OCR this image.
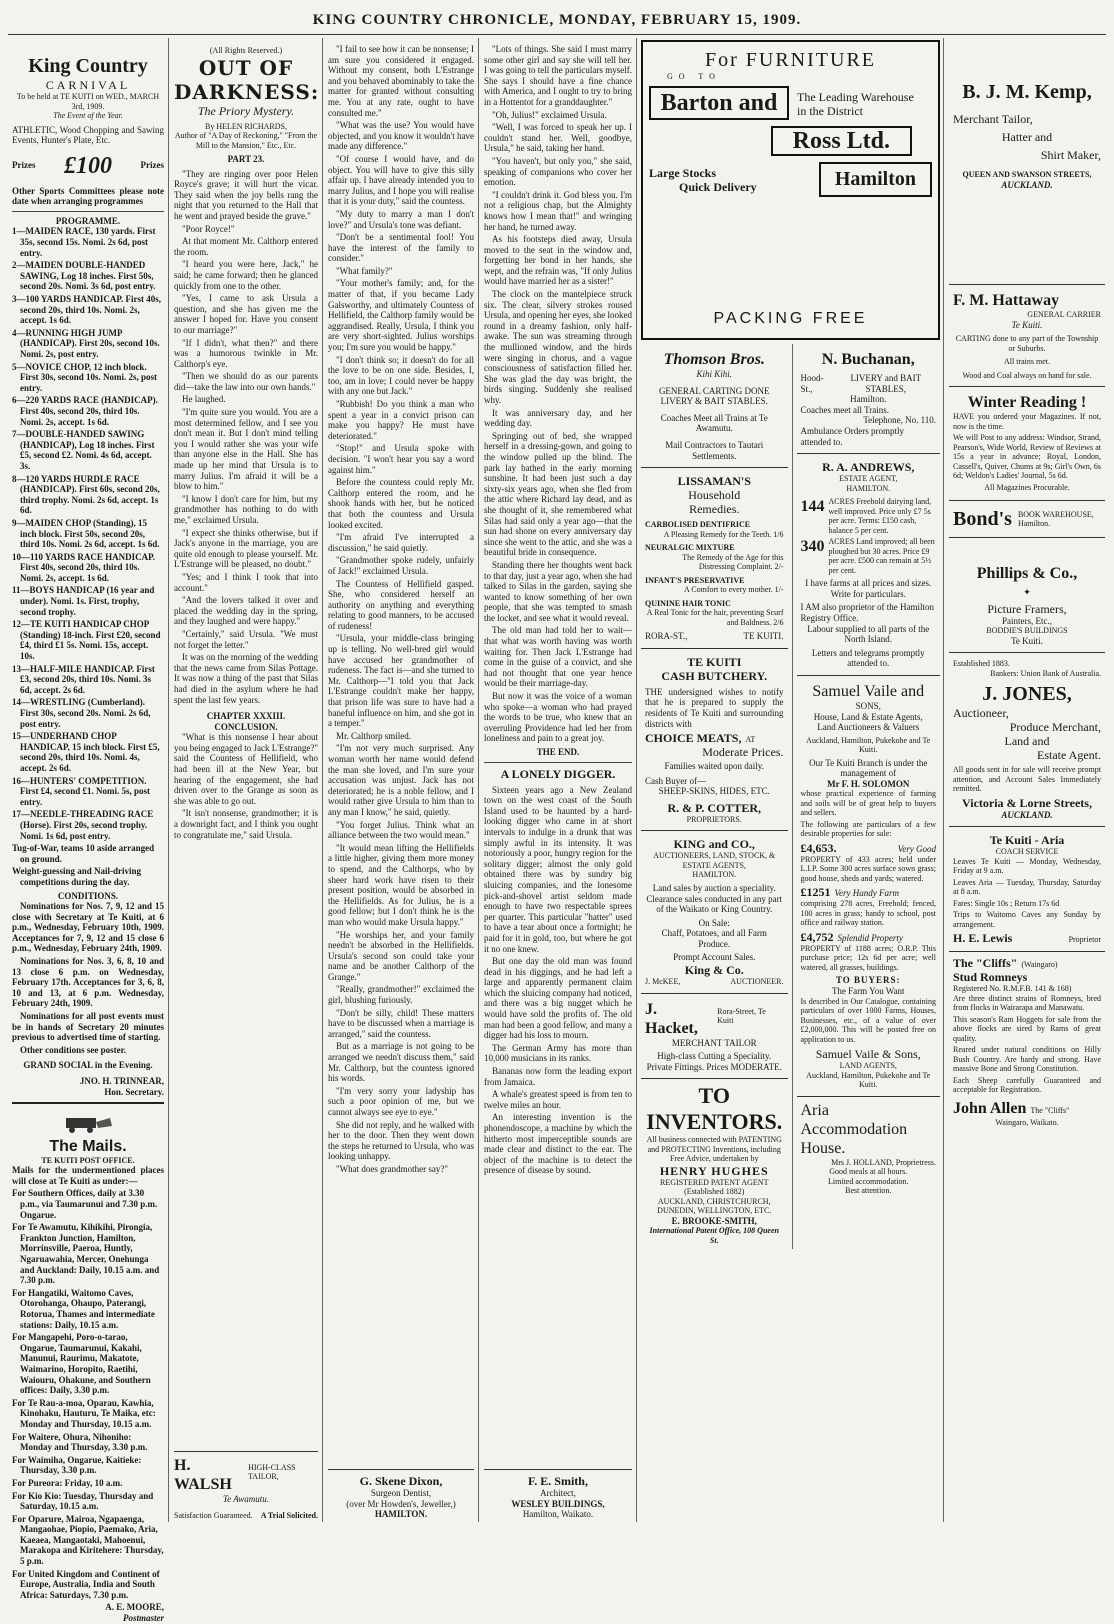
KING COUNTRY CHRONICLE, MONDAY, FEBRUARY 15, 1909.
King Country
CARNIVAL
To be held at TE KUITI on WED., MARCH 3rd, 1909.
The Event of the Year.

ATHLETIC, Wood Chopping and Sawing Events, Hunter's Plate, Etc.

Prizes £100	Prizes

Other Sports Committees please note date when arranging programmes

PROGRAMME.

1—MAIDEN RACE, 130 yards. First 35s, second 15s. Nomi. 2s 6d, post entry.

2—MAIDEN DOUBLE-HANDED SAWING, Log 18 inches. First 50s, second 20s. Nomi. 3s 6d, post entry.

3—100 YARDS HANDICAP. First 40s, second 20s, third 10s. Nomi. 2s, accept. 1s 6d.

4—RUNNING HIGH JUMP (HANDICAP). First 20s, second 10s. Nomi. 2s, post entry.

5—NOVICE CHOP, 12 inch block. First 30s, second 10s. Nomi. 2s, post entry.

6—220 YARDS RACE (HANDICAP). First 40s, second 20s, third 10s. Nomi. 2s, accept. 1s 6d.

7—DOUBLE-HANDED SAWING (HANDICAP), Log 18 inches. First £5, second £2. Nomi. 4s 6d, accept. 3s.

8—120 YARDS HURDLE RACE (HANDICAP). First 60s, second 20s, third trophy. Nomi. 2s 6d, accept. 1s 6d.

9—MAIDEN CHOP (Standing), 15 inch block. First 50s, second 20s, third 10s. Nomi. 2s 6d, accept. 1s 6d.

10—110 YARDS RACE HANDICAP. First 40s, second 20s, third 10s. Nomi. 2s, accept. 1s 6d.

11—BOYS HANDICAP (16 year and under). Nomi. 1s. First, trophy, second trophy.

12—TE KUITI HANDICAP CHOP (Standing) 18-inch. First £20, second £4, third £1 5s. Nomi. 15s, accept. 10s.

13—HALF-MILE HANDICAP. First £3, second 20s, third 10s. Nomi. 3s 6d, accept. 2s 6d.

14—WRESTLING (Cumberland). First 30s, second 20s. Nomi. 2s 6d, post entry.

15—UNDERHAND CHOP HANDICAP, 15 inch block. First £5, second 20s, third 10s. Nomi. 4s, accept. 2s 6d.

16—HUNTERS' COMPETITION. First £4, second £1. Nomi. 5s, post entry.

17—NEEDLE-THREADING RACE (Horse). First 20s, second trophy. Nomi. 1s 6d, post entry.

Tug-of-War, teams 10 aside arranged on ground.

Weight-guessing and Nail-driving competitions during the day.

CONDITIONS.

Nominations for Nos. 7, 9, 12 and 15 close with Secretary at Te Kuiti, at 6 p.m., Wednesday, February 10th, 1909. Acceptances for 7, 9, 12 and 15 close 6 p.m., Wednesday, February 24th, 1909.

Nominations for Nos. 3, 6, 8, 10 and 13 close 6 p.m. on Wednesday, February 17th. Acceptances for 3, 6, 8, 10 and 13, at 6 p.m. Wednesday, February 24th, 1909.

Nominations for all post events must be in hands of Secretary 20 minutes previous to advertised time of starting.

Other conditions see poster.

GRAND SOCIAL in the Evening.
JNO. H. TRINNEAR,
Hon. Secretary.
The Mails.
TE KUITI POST OFFICE.

Mails for the undermentioned places will close at Te Kuiti as under:—

For Southern Offices, daily at 3.30 p.m., via Taumarunui and 7.30 p.m. Ongarue.

For Te Awamutu, Kihikihi, Pirongia, Frankton Junction, Hamilton, Morrinsville, Paeroa, Huntly, Ngaruawahia, Mercer, Onehunga and Auckland: Daily, 10.15 a.m. and 7.30 p.m.

For Hangatiki, Waitomo Caves, Otorohanga, Ohaupo, Paterangi, Rotorua, Thames and intermediate stations: Daily, 10.15 a.m.

For Mangapehi, Poro-o-tarao, Ongarue, Taumarunui, Kakahi, Manunui, Raurimu, Makatote, Waimarino, Horopito, Raetihi, Waiouru, Ohakune, and Southern offices: Daily, 3.30 p.m.

For Te Rau-a-moa, Oparau, Kawhia, Kinohaku, Hauturu, Te Maika, etc: Monday and Thursday, 10.15 a.m.

For Waitere, Ohura, Nihoniho: Monday and Thursday, 3.30 p.m.

For Waimiha, Ongarue, Kaitieke: Thursday, 3.30 p.m.

For Pureora: Friday, 10 a.m.

For Kio Kio: Tuesday, Thursday and Saturday, 10.15 a.m.

For Oparure, Mairoa, Ngapaenga, Mangaohae, Piopio, Paemako, Aria, Kaeaea, Mangaotaki, Mahoenui, Marakopa and Kiritehere: Thursday, 5 p.m.

For United Kingdom and Continent of Europe, Australia, India and South Africa: Saturdays, 7.30 p.m.

A. E. MOORE,
Postmaster
(All Rights Reserved.)
OUT OF
DARKNESS:
The Priory Mystery.
By HELEN RICHARDS,
Author of "A Day of Reckoning," "From the Mill to the Mansion," Etc., Etc.
PART 23.

"They are ringing over poor Helen Royce's grave; it will hurt the vicar. They said when the joy bells rang the night that you returned to the Hall that he went and prayed beside the grave."

"Poor Royce!"

At that moment Mr. Calthorp entered the room.

"I heard you were here, Jack," he said; he came forward; then he glanced quickly from one to the other.

"Yes, I came to ask Ursula a question, and she has given me the answer I hoped for. Have you consent to our marriage?"

"If I didn't, what then?" and there was a humorous twinkle in Mr. Calthorp's eye.

"Then we should do as our parents did—take the law into our own hands."

He laughed.

"I'm quite sure you would. You are a most determined fellow, and I see you don't mean it. But I don't mind telling you I would rather she was your wife than anyone else in the Hall. She has made up her mind that Ursula is to marry Julius. I'm afraid it will be a blow to him."

"I know I don't care for him, but my grandmother has nothing to do with me," exclaimed Ursula.

"I expect she thinks otherwise, but if Jack's anyone in the marriage, you are quite old enough to please yourself. Mr. L'Estrange will be pleased, no doubt."

"Yes; and I think I took that into account."

"And the lovers talked it over and placed the wedding day in the spring, and they laughed and were happy."

"Certainly," said Ursula. "We must not forget the letter."

It was on the morning of the wedding that the news came from Silas Pottage. It was now a thing of the past that Silas had died in the asylum where he had spent the last few years.

CHAPTER XXXIII.
CONCLUSION.

"What is this nonsense I hear about you being engaged to Jack L'Estrange?" said the Countess of Hellifield, who had been ill at the New Year, but hearing of the engagement, she had driven over to the Grange as soon as she was able to go out.

"It isn't nonsense, grandmother; it is a downright fact, and I think you ought to congratulate me," said Ursula.

H. WALSH
HIGH-CLASS TAILOR,
Te Awamutu.
Satisfaction Guaranteed. A Trial Solicited.

"I fail to see how it can be nonsense; I am sure you considered it engaged. Without my consent, both L'Estrange and you behaved abominably to take the matter for granted without consulting me. You at any rate, ought to have consulted me."

"What was the use? You would have objected, and you know it wouldn't have made any difference."

"Of course I would have, and do object. You will have to give this silly affair up. I have already intended you to marry Julius, and I hope you will realise that it is your duty," said the countess.

"My duty to marry a man I don't love?" and Ursula's tone was defiant.

"Don't be a sentimental fool! You have the interest of the family to consider."

"What family?"

"Your mother's family; and, for the matter of that, if you became Lady Galsworthy, and ultimately Countess of Hellifield, the Calthorp family would be aggrandised. Really, Ursula, I think you are very short-sighted. Julius worships you; I'm sure you would be happy."

"I don't think so; it doesn't do for all the love to be on one side. Besides, I, too, am in love; I could never be happy with any one but Jack."

"Rubbish! Do you think a man who spent a year in a convict prison can make you happy? He must have deteriorated."

"Stop!" and Ursula spoke with decision. "I won't hear you say a word against him."

Before the countess could reply Mr. Calthorp entered the room, and he shook hands with her, but he noticed that both the countess and Ursula looked excited.

"I'm afraid I've interrupted a discussion," he said quietly.

"Grandmother spoke rudely, unfairly of Jack!" exclaimed Ursula.

The Countess of Hellifield gasped. She, who considered herself an authority on anything and everything relating to good manners, to be accused of rudeness!

"Ursula, your middle-class bringing up is telling. No well-bred girl would have accused her grandmother of rudeness. The fact is—and she turned to Mr. Calthorp—"I told you that Jack L'Estrange couldn't make her happy, that prison life was sure to have had a baneful influence on him, and she got in a temper."

Mr. Calthorp smiled.

"I'm not very much surprised. Any woman worth her name would defend the man she loved, and I'm sure your accusation was unjust. Jack has not deteriorated; he is a noble fellow, and I would rather give Ursula to him than to any man I know," he said, quietly.

"You forget Julius. Think what an alliance between the two would mean."

"It would mean lifting the Hellifields a little higher, giving them more money to spend, and the Calthorps, who by sheer hard work have risen to their present position, would be absorbed in the Hellifields. As for Julius, he is a good fellow; but I don't think he is the man who would make Ursula happy."

"He worships her, and your family needn't be absorbed in the Hellifields. Ursula's second son could take your name and be another Calthorp of the Grange."

"Really, grandmother!" exclaimed the girl, blushing furiously.

"Don't be silly, child! These matters have to be discussed when a marriage is arranged," said the countess.

But as a marriage is not going to be arranged we needn't discuss them," said Mr. Calthorp, but the countess ignored his words.

"I'm very sorry your ladyship has such a poor opinion of me, but we cannot always see eye to eye."

She did not reply, and he walked with her to the door. Then they went down the steps he returned to Ursula, who was looking unhappy.

"What does grandmother say?"

G. Skene Dixon,
Surgeon Dentist,
(over Mr Howden's, Jeweller,)
HAMILTON.

"Lots of things. She said I must marry some other girl and say she will tell her. I was going to tell the particulars myself. She says I should have a fine chance with America, and I ought to try to bring in a Hottentot for a granddaughter."

"Oh, Julius!" exclaimed Ursula.

"Well, I was forced to speak her up. I couldn't stand her. Well, goodbye, Ursula," he said, taking her hand.

"You haven't, but only you," she said, speaking of companions who cover her emotion.

"I couldn't drink it. God bless you. I'm not a religious chap, but the Almighty knows how I mean that!" and wringing her hand, he turned away.

As his footsteps died away, Ursula moved to the seat in the window and, forgetting her bond in her hands, she wept, and the refrain was, "If only Julius would have married her as a sister!"

The clock on the mantelpiece struck six. The clear, silvery strokes roused Ursula, and opening her eyes, she looked round in a dreamy fashion, only half-awake. The sun was streaming through the mullioned window, and the birds were singing in chorus, and a vague consciousness of satisfaction filled her. She was glad the day was bright, the birds singing. Suddenly she realised why.

It was anniversary day, and her wedding day.

Springing out of bed, she wrapped herself in a dressing-gown, and going to the window pulled up the blind. The park lay bathed in the early morning sunshine. It had been just such a day sixty-six years ago, when she fled from the attic where Richard lay dead, and as she thought of it, she remembered what Silas had said only a year ago—that the sun had shone on every anniversary day since she went to the attic, and she was a beautiful bride in consequence.

Standing there her thoughts went back to that day, just a year ago, when she had talked to Silas in the garden, saying she wanted to know something of her own people, that she was tempted to smash the locket, and see what it would reveal.

The old man had told her to wait—that what was worth having was worth waiting for. Then Jack L'Estrange had come in the guise of a convict, and she had not thought that one year hence would be their marriage-day.

But now it was the voice of a woman who spoke—a woman who had prayed the words to be true, who knew that an overruling Providence had led her from loneliness and pain to a great joy.

THE END.
A LONELY DIGGER.

Sixteen years ago a New Zealand town on the west coast of the South Island used to be haunted by a hard-looking digger who came in at short intervals to indulge in a drunk that was simply awful in its intensity. It was notoriously a poor, hungry region for the solitary digger; almost the only gold obtained there was by sundry big sluicing companies, and the lonesome pick-and-shovel artist seldom made enough to have two respectable sprees per quarter. This particular "hatter" used to have a tear about once a fortnight; he paid for it in gold, too, but where he got it no one knew.

But one day the old man was found dead in his diggings, and he had left a large and apparently permanent claim which the sluicing company had noticed, and there was a big nugget which he would have sold the profits of. The old man had been a good fellow, and many a digger had his loss to mourn.

The German Army has more than 10,000 musicians in its ranks.

Bananas now form the leading export from Jamaica.

A whale's greatest speed is from ten to twelve miles an hour.

An interesting invention is the phonendoscope, a machine by which the hitherto most imperceptible sounds are made clear and distinct to the ear. The object of the machine is to detect the presence of disease by sound.

F. E. Smith,
Architect,
WESLEY BUILDINGS,
Hamilton, Waikato.
For FURNITURE
GO TO
Barton and	The Leading Warehouse
in the District
Ross Ltd.
Large Stocks
Quick Delivery	Hamilton
PACKING FREE
Thomson Bros.
Kihi Kihi.
GENERAL CARTING DONE
LIVERY & BAIT STABLES.
Coaches Meet all Trains at Te Awamutu.
Mail Contractors to Tautari Settlements.
LISSAMAN'S
Household
Remedies.
CARBOLISED DENTIFRICE
A Pleasing Remedy for the Teeth. 1/6
NEURALGIC MIXTURE
The Remedy of the Age for this Distressing Complaint. 2/-
INFANT'S PRESERVATIVE
A Comfort to every mother. 1/-
QUININE HAIR TONIC
A Real Tonic for the hair, preventing Scurf and Baldness. 2/6
RORA-ST.,	TE KUITI.
TE KUITI
CASH BUTCHERY.

THE undersigned wishes to notify that he is prepared to supply the residents of Te Kuiti and surrounding districts with

CHOICE MEATS, AT
Moderate Prices.
Families waited upon daily.
Cash Buyer of—
SHEEP-SKINS, HIDES, ETC.
R. & P. COTTER,
PROPRIETORS.
KING and CO.,
AUCTIONEERS, LAND, STOCK, & ESTATE AGENTS,
HAMILTON.
Land sales by auction a speciality.
Clearance sales conducted in any part of the Waikato or King Country.
On Sale:
Chaff, Potatoes, and all Farm Produce.
Prompt Account Sales.
King & Co.
J. McKEE,	AUCTIONEER.
J. Hacket,
Rora-Street, Te Kuiti
MERCHANT TAILOR
High-class Cutting a Speciality.
Private Fittings. Prices MODERATE.
TO INVENTORS.
All business connected with PATENTING and PROTECTING Inventions, including Free Advice, undertaken by
HENRY HUGHES
REGISTERED PATENT AGENT
(Established 1882)
AUCKLAND, CHRISTCHURCH, DUNEDIN, WELLINGTON, ETC.
E. BROOKE-SMITH,
International Patent Office, 108 Queen St.
N. Buchanan,
Hood-St.,
LIVERY and BAIT STABLES,
Hamilton.
Coaches meet all Trains.
Telephone, No. 110.
Ambulance Orders promptly attended to.
R. A. ANDREWS,
ESTATE AGENT,
HAMILTON.
144 ACRES Freehold dairying land, well improved. Price only £7 5s per acre. Terms: £150 cash, balance 5 per cent.
340 ACRES Land improved; all been ploughed but 30 acres. Price £9 per acre. £500 can remain at 5½ per cent.
I have farms at all prices and sizes. Write for particulars.
I AM also proprietor of the Hamilton Registry Office.
Labour supplied to all parts of the North Island.
Letters and telegrams promptly attended to.
Samuel Vaile and
SONS,
House, Land & Estate Agents,
Land Auctioneers & Valuers
Auckland, Hamilton, Pukekohe and Te Kuiti.
Our Te Kuiti Branch is under the management of
Mr F. H. SOLOMON

whose practical experience of farming and soils will be of great help to buyers and sellers.

The following are particulars of a few desirable properties for sale:

£4,653.	Very Good

PROPERTY of 433 acres; held under L.I.P. Some 300 acres surface sown grass; good house, sheds and yards; watered.

£1251 Very Handy Farm

comprising 278 acres, Freehold; fenced, 100 acres in grass; handy to school, post office and railway station.

£4,752 Splendid Property

PROPERTY of 1188 acres; O.R.P. This purchase price; 12s 6d per acre; well watered, all grasses, buildings.

TO BUYERS:
The Farm You Want

Is described in Our Catalogue, containing particulars of over 1000 Farms, Houses, Businesses, etc., of a value of over £2,000,000. This will be posted free on application to us.

Samuel Vaile & Sons,
LAND AGENTS,
Auckland, Hamilton, Pukekohe and Te Kuiti.
Aria Accommodation House.
Mrs J. HOLLAND, Proprietress.
Good meals at all hours.
Limited accommodation.
Best attention.
B. J. M. Kemp,
Merchant Tailor,
Hatter and
Shirt Maker,
QUEEN AND SWANSON STREETS,
AUCKLAND.
F. M. Hattaway
GENERAL CARRIER
Te Kuiti.
CARTING done to any part of the Township or Suburbs.
All trains met.
Wood and Coal always on hand for sale.
Winter Reading !

HAVE you ordered your Magazines. If not, now is the time.

We will Post to any address: Windsor, Strand, Pearson's, Wide World, Review of Reviews at 15s a year in advance; Royal, London, Cassell's, Quiver, Chums at 9s; Girl's Own, 6s 6d; Weldon's Ladies' Journal, 5s 6d.

All Magazines Procurable.

Bond's BOOK WAREHOUSE,
Hamilton.
Phillips & Co.,
✦
Picture Framers,
Painters, Etc.,
BODDIE'S BUILDINGS
Te Kuiti.
Established 1883.
Bankers: Union Bank of Australia.
J. JONES,
Auctioneer,
Produce Merchant,
Land and
Estate Agent.

All goods sent in for sale will receive prompt attention, and Account Sales Immediately remitted.

Victoria & Lorne Streets,
AUCKLAND.
Te Kuiti - Aria
COACH SERVICE

Leaves Te Kuiti — Monday, Wednesday, Friday at 9 a.m.

Leaves Aria — Tuesday, Thursday, Saturday at 8 a.m.

Fares: Single 10s ; Return 17s 6d

Trips to Waitomo Caves any Sunday by arrangement.

H. E. Lewis	Proprietor
The "Cliffs" (Waingaro)
Stud Romneys
Registered No. R.M.F.B. 141 & 168)

Are three distinct strains of Romneys, bred from flocks in Wairarapa and Manawatu.

This season's Ram Hoggets for sale from the above flocks are sired by Rams of great quality.

Reared under natural conditions on Hilly Bush Country. Are hardy and strong. Have massive Bone and Strong Constitution.

Each Sheep carefully Guaranteed and acceptable for Registration.

John Allen The "Cliffs"
Waingaro, Waikato.
